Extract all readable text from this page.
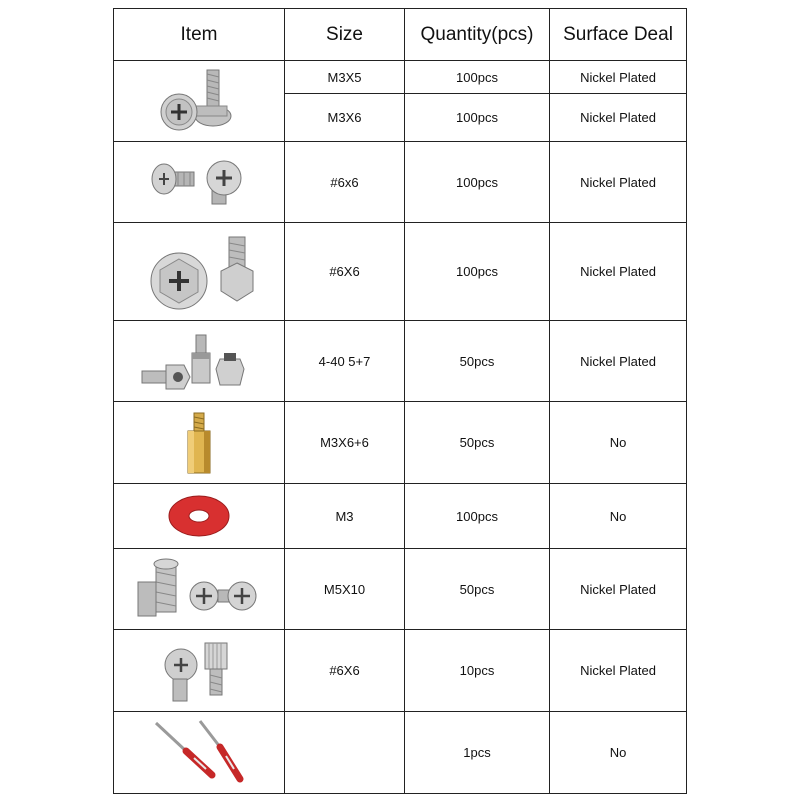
Item	Size	Quantity(pcs)	Surface Deal

	M3X5	100pcs	Nickel Plated
	M3X6	100pcs	Nickel Plated

	#6x6	100pcs	Nickel Plated

	#6X6	100pcs	Nickel Plated

	4-40 5+7	50pcs	Nickel Plated

	M3X6+6	50pcs	No

	M3	100pcs	No

	M5X10	50pcs	Nickel Plated

	#6X6	10pcs	Nickel Plated

		1pcs	No
